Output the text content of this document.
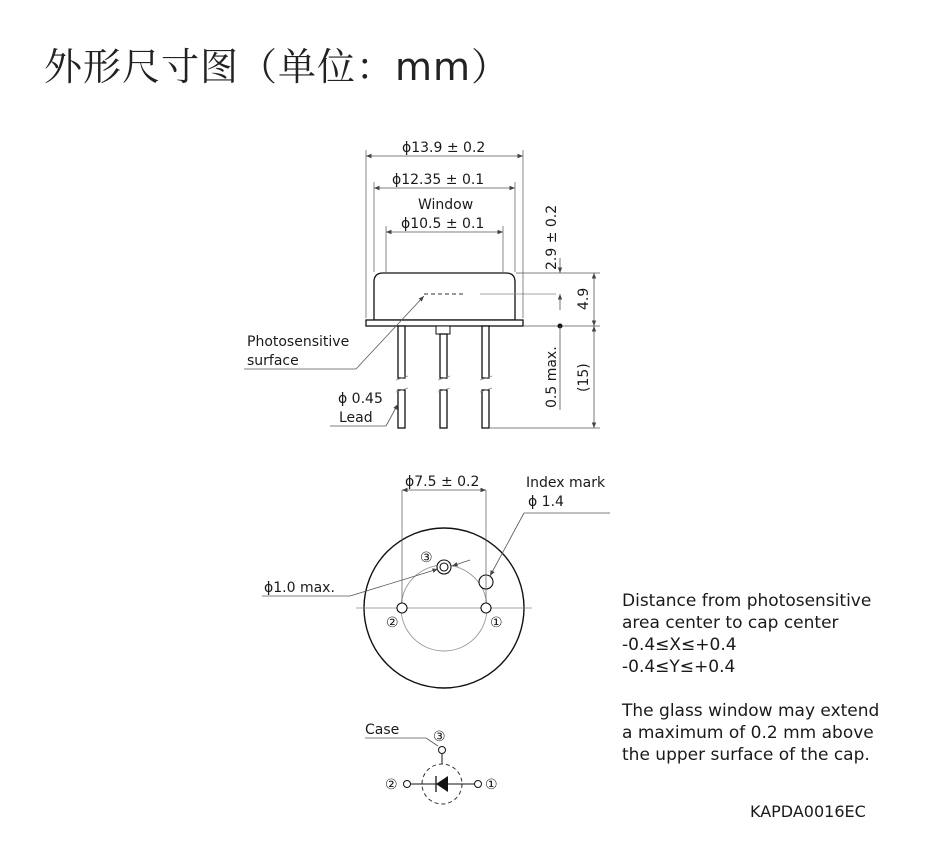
外形尺寸图（单位：mm）
ϕ13.9 ± 0.2
ϕ12.35 ± 0.1
Window
ϕ10.5 ± 0.1	2.9 ± 0.2
4.9
0.5 max. (15)
Photosensitive
surface
ϕ 0.45
Lead
ϕ7.5 ± 0.2	Index mark
ϕ 1.4
ϕ1.0 max.
③
②	①
Case ③
②	①
Distance from photosensitive
area center to cap center
-0.4≤X≤+0.4
-0.4≤Y≤+0.4

The glass window may extend
a maximum of 0.2 mm above
the upper surface of the cap.
KAPDA0016EC
